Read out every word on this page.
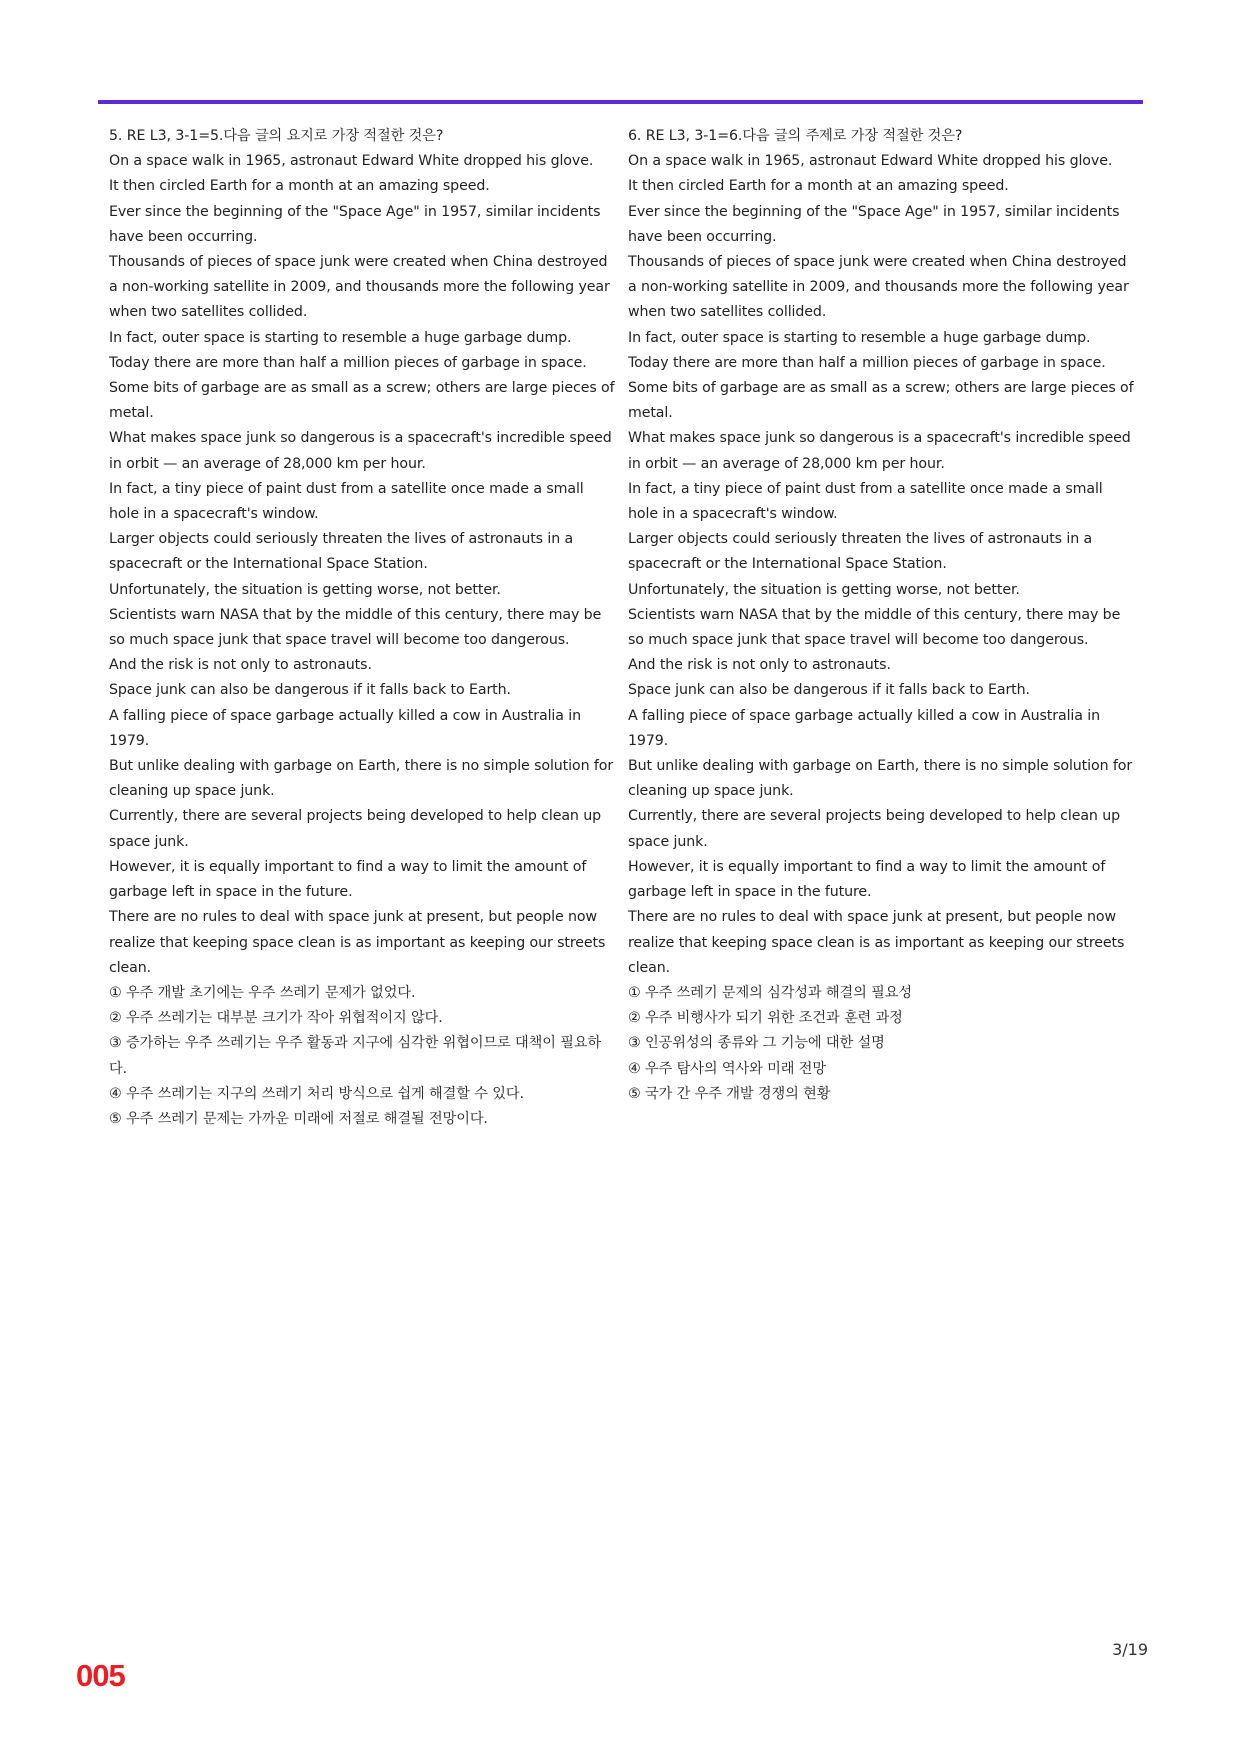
5. RE L3, 3-1=5.다음 글의 요지로 가장 적절한 것은?

On a space walk in 1965, astronaut Edward White dropped his glove.

It then circled Earth for a month at an amazing speed.

Ever since the beginning of the "Space Age" in 1957, similar incidents have been occurring.

Thousands of pieces of space junk were created when China destroyed a non-working satellite in 2009, and thousands more the following year when two satellites collided.

In fact, outer space is starting to resemble a huge garbage dump.

Today there are more than half a million pieces of garbage in space.

Some bits of garbage are as small as a screw; others are large pieces of metal.

What makes space junk so dangerous is a spacecraft's incredible speed in orbit — an average of 28,000 km per hour.

In fact, a tiny piece of paint dust from a satellite once made a small hole in a spacecraft's window.

Larger objects could seriously threaten the lives of astronauts in a spacecraft or the International Space Station.

Unfortunately, the situation is getting worse, not better.

Scientists warn NASA that by the middle of this century, there may be so much space junk that space travel will become too dangerous.

And the risk is not only to astronauts.

Space junk can also be dangerous if it falls back to Earth.

A falling piece of space garbage actually killed a cow in Australia in 1979.

But unlike dealing with garbage on Earth, there is no simple solution for cleaning up space junk.

Currently, there are several projects being developed to help clean up space junk.

However, it is equally important to find a way to limit the amount of garbage left in space in the future.

There are no rules to deal with space junk at present, but people now realize that keeping space clean is as important as keeping our streets clean.

① 우주 개발 초기에는 우주 쓰레기 문제가 없었다.

② 우주 쓰레기는 대부분 크기가 작아 위협적이지 않다.

③ 증가하는 우주 쓰레기는 우주 활동과 지구에 심각한 위협이므로 대책이 필요하다.

④ 우주 쓰레기는 지구의 쓰레기 처리 방식으로 쉽게 해결할 수 있다.

⑤ 우주 쓰레기 문제는 가까운 미래에 저절로 해결될 전망이다.

6. RE L3, 3-1=6.다음 글의 주제로 가장 적절한 것은?

On a space walk in 1965, astronaut Edward White dropped his glove.

It then circled Earth for a month at an amazing speed.

Ever since the beginning of the "Space Age" in 1957, similar incidents have been occurring.

Thousands of pieces of space junk were created when China destroyed a non-working satellite in 2009, and thousands more the following year when two satellites collided.

In fact, outer space is starting to resemble a huge garbage dump.

Today there are more than half a million pieces of garbage in space.

Some bits of garbage are as small as a screw; others are large pieces of metal.

What makes space junk so dangerous is a spacecraft's incredible speed in orbit — an average of 28,000 km per hour.

In fact, a tiny piece of paint dust from a satellite once made a small hole in a spacecraft's window.

Larger objects could seriously threaten the lives of astronauts in a spacecraft or the International Space Station.

Unfortunately, the situation is getting worse, not better.

Scientists warn NASA that by the middle of this century, there may be so much space junk that space travel will become too dangerous.

And the risk is not only to astronauts.

Space junk can also be dangerous if it falls back to Earth.

A falling piece of space garbage actually killed a cow in Australia in 1979.

But unlike dealing with garbage on Earth, there is no simple solution for cleaning up space junk.

Currently, there are several projects being developed to help clean up space junk.

However, it is equally important to find a way to limit the amount of garbage left in space in the future.

There are no rules to deal with space junk at present, but people now realize that keeping space clean is as important as keeping our streets clean.

① 우주 쓰레기 문제의 심각성과 해결의 필요성

② 우주 비행사가 되기 위한 조건과 훈련 과정

③ 인공위성의 종류와 그 기능에 대한 설명

④ 우주 탐사의 역사와 미래 전망

⑤ 국가 간 우주 개발 경쟁의 현황

3/19
005
